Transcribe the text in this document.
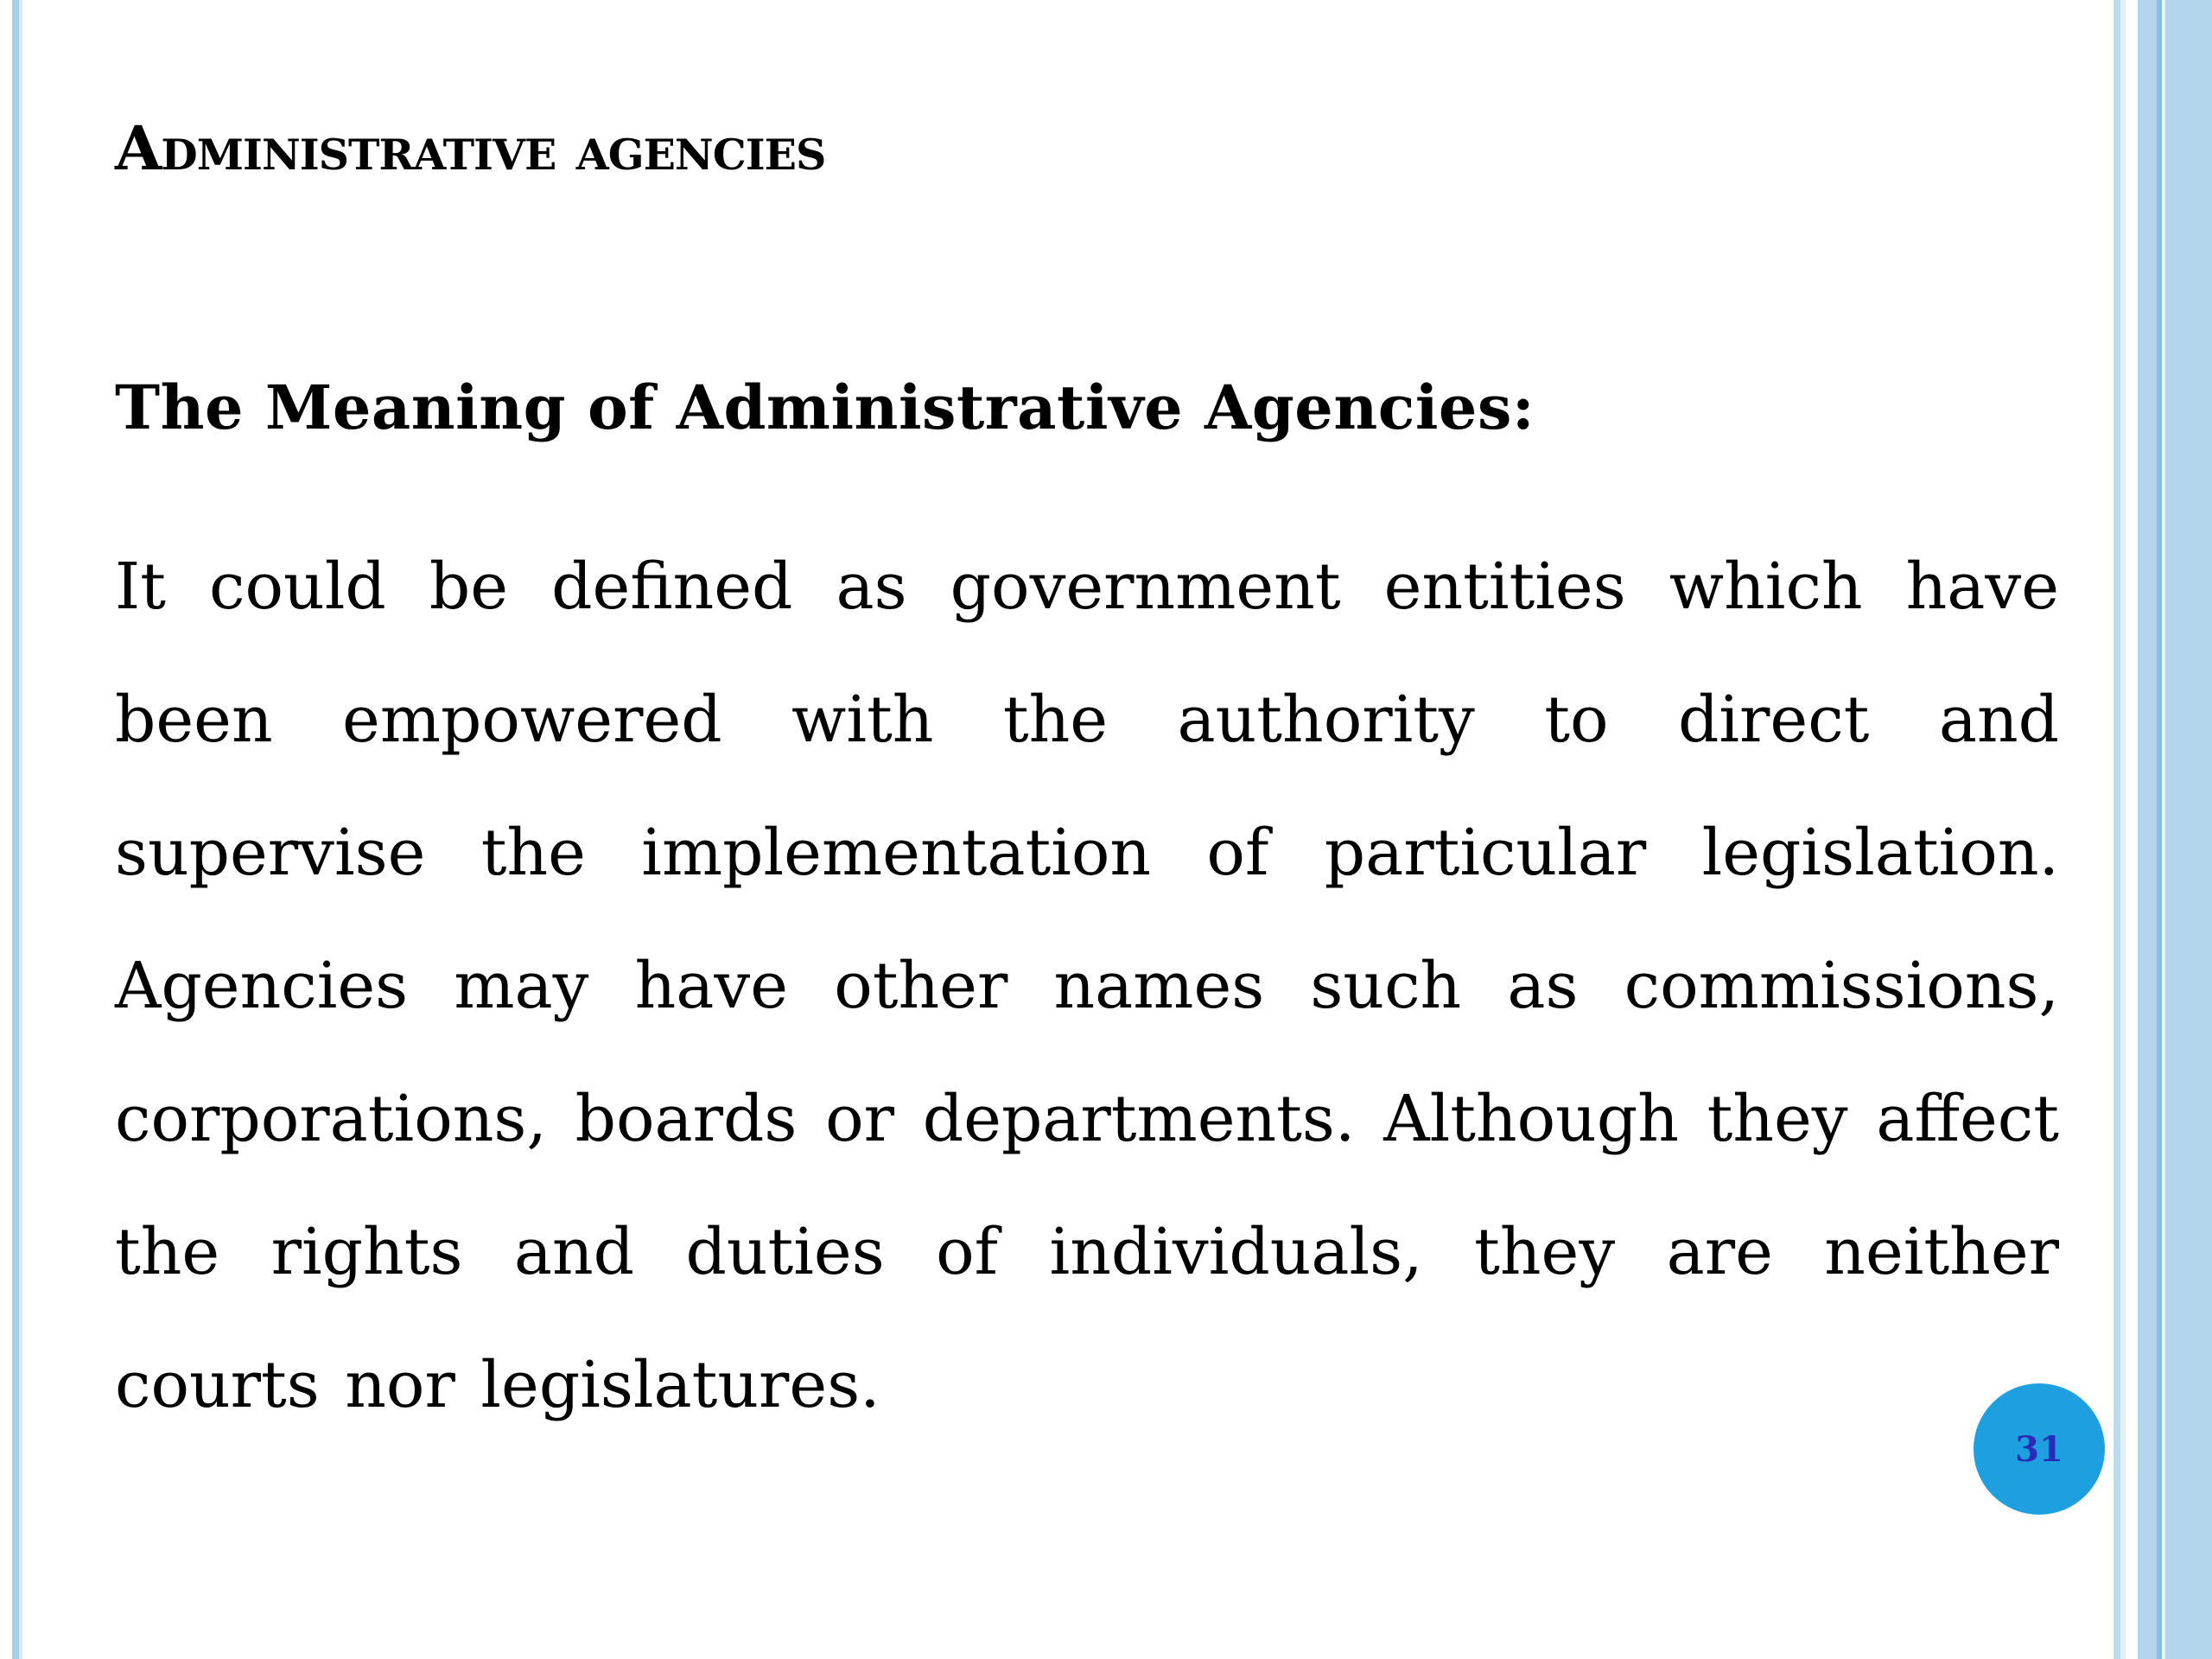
Administrative agencies
The Meaning of Administrative Agencies:

It could be defined as government entities which have been empowered with the authority to direct and supervise the implementation of particular legislation. Agencies may have other names such as commissions, corporations, boards or departments. Although they affect the rights and duties of individuals, they are neither courts nor legislatures.

31
